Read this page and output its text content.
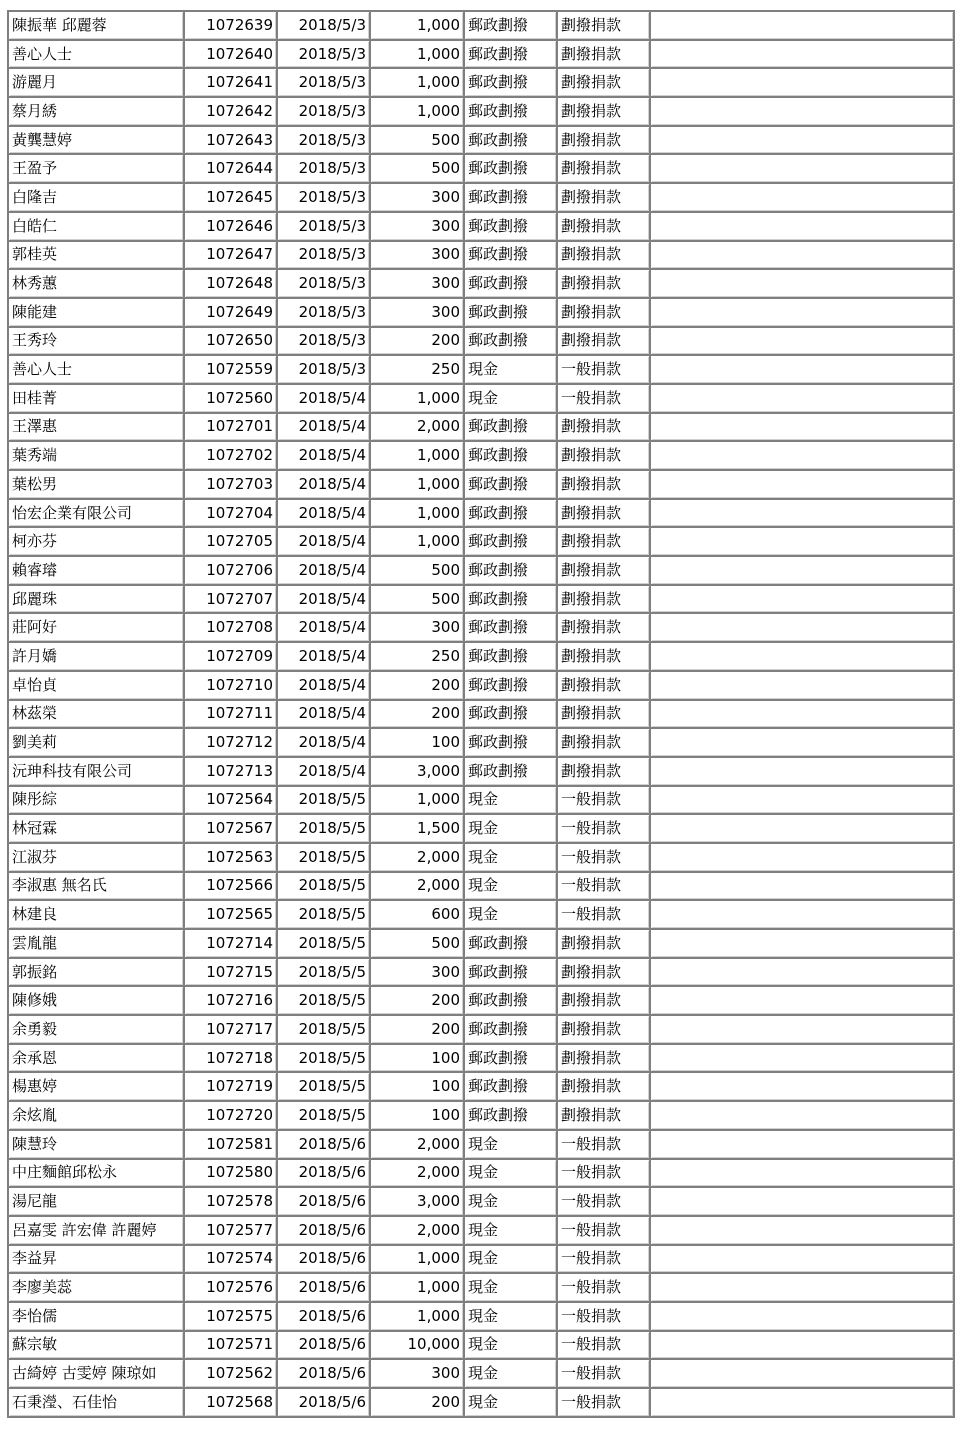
陳振華 邱麗蓉	1072639	2018/5/3	1,000	郵政劃撥	劃撥捐款	
善心人士	1072640	2018/5/3	1,000	郵政劃撥	劃撥捐款	
游麗月	1072641	2018/5/3	1,000	郵政劃撥	劃撥捐款	
蔡月綉	1072642	2018/5/3	1,000	郵政劃撥	劃撥捐款	
黃龔慧婷	1072643	2018/5/3	500	郵政劃撥	劃撥捐款	
王盈予	1072644	2018/5/3	500	郵政劃撥	劃撥捐款	
白隆吉	1072645	2018/5/3	300	郵政劃撥	劃撥捐款	
白皓仁	1072646	2018/5/3	300	郵政劃撥	劃撥捐款	
郭桂英	1072647	2018/5/3	300	郵政劃撥	劃撥捐款	
林秀蕙	1072648	2018/5/3	300	郵政劃撥	劃撥捐款	
陳能建	1072649	2018/5/3	300	郵政劃撥	劃撥捐款	
王秀玲	1072650	2018/5/3	200	郵政劃撥	劃撥捐款	
善心人士	1072559	2018/5/3	250	現金	一般捐款	
田桂菁	1072560	2018/5/4	1,000	現金	一般捐款	
王澤惠	1072701	2018/5/4	2,000	郵政劃撥	劃撥捐款	
葉秀端	1072702	2018/5/4	1,000	郵政劃撥	劃撥捐款	
葉松男	1072703	2018/5/4	1,000	郵政劃撥	劃撥捐款	
怡宏企業有限公司	1072704	2018/5/4	1,000	郵政劃撥	劃撥捐款	
柯亦芬	1072705	2018/5/4	1,000	郵政劃撥	劃撥捐款	
賴睿璿	1072706	2018/5/4	500	郵政劃撥	劃撥捐款	
邱麗珠	1072707	2018/5/4	500	郵政劃撥	劃撥捐款	
莊阿好	1072708	2018/5/4	300	郵政劃撥	劃撥捐款	
許月嬌	1072709	2018/5/4	250	郵政劃撥	劃撥捐款	
卓怡貞	1072710	2018/5/4	200	郵政劃撥	劃撥捐款	
林茲榮	1072711	2018/5/4	200	郵政劃撥	劃撥捐款	
劉美莉	1072712	2018/5/4	100	郵政劃撥	劃撥捐款	
沅珅科技有限公司	1072713	2018/5/4	3,000	郵政劃撥	劃撥捐款	
陳彤綜	1072564	2018/5/5	1,000	現金	一般捐款	
林冠霖	1072567	2018/5/5	1,500	現金	一般捐款	
江淑芬	1072563	2018/5/5	2,000	現金	一般捐款	
李淑惠 無名氏	1072566	2018/5/5	2,000	現金	一般捐款	
林建良	1072565	2018/5/5	600	現金	一般捐款	
雲胤龍	1072714	2018/5/5	500	郵政劃撥	劃撥捐款	
郭振銘	1072715	2018/5/5	300	郵政劃撥	劃撥捐款	
陳修娥	1072716	2018/5/5	200	郵政劃撥	劃撥捐款	
余勇毅	1072717	2018/5/5	200	郵政劃撥	劃撥捐款	
余承恩	1072718	2018/5/5	100	郵政劃撥	劃撥捐款	
楊惠婷	1072719	2018/5/5	100	郵政劃撥	劃撥捐款	
余炫胤	1072720	2018/5/5	100	郵政劃撥	劃撥捐款	
陳慧玲	1072581	2018/5/6	2,000	現金	一般捐款	
中庄麵館邱松永	1072580	2018/5/6	2,000	現金	一般捐款	
湯尼龍	1072578	2018/5/6	3,000	現金	一般捐款	
呂嘉雯 許宏偉 許麗婷	1072577	2018/5/6	2,000	現金	一般捐款	
李益昇	1072574	2018/5/6	1,000	現金	一般捐款	
李廖美蕊	1072576	2018/5/6	1,000	現金	一般捐款	
李怡儒	1072575	2018/5/6	1,000	現金	一般捐款	
蘇宗敏	1072571	2018/5/6	10,000	現金	一般捐款	
古綺婷 古雯婷 陳琼如	1072562	2018/5/6	300	現金	一般捐款	
石秉瀅、石佳怡	1072568	2018/5/6	200	現金	一般捐款	
